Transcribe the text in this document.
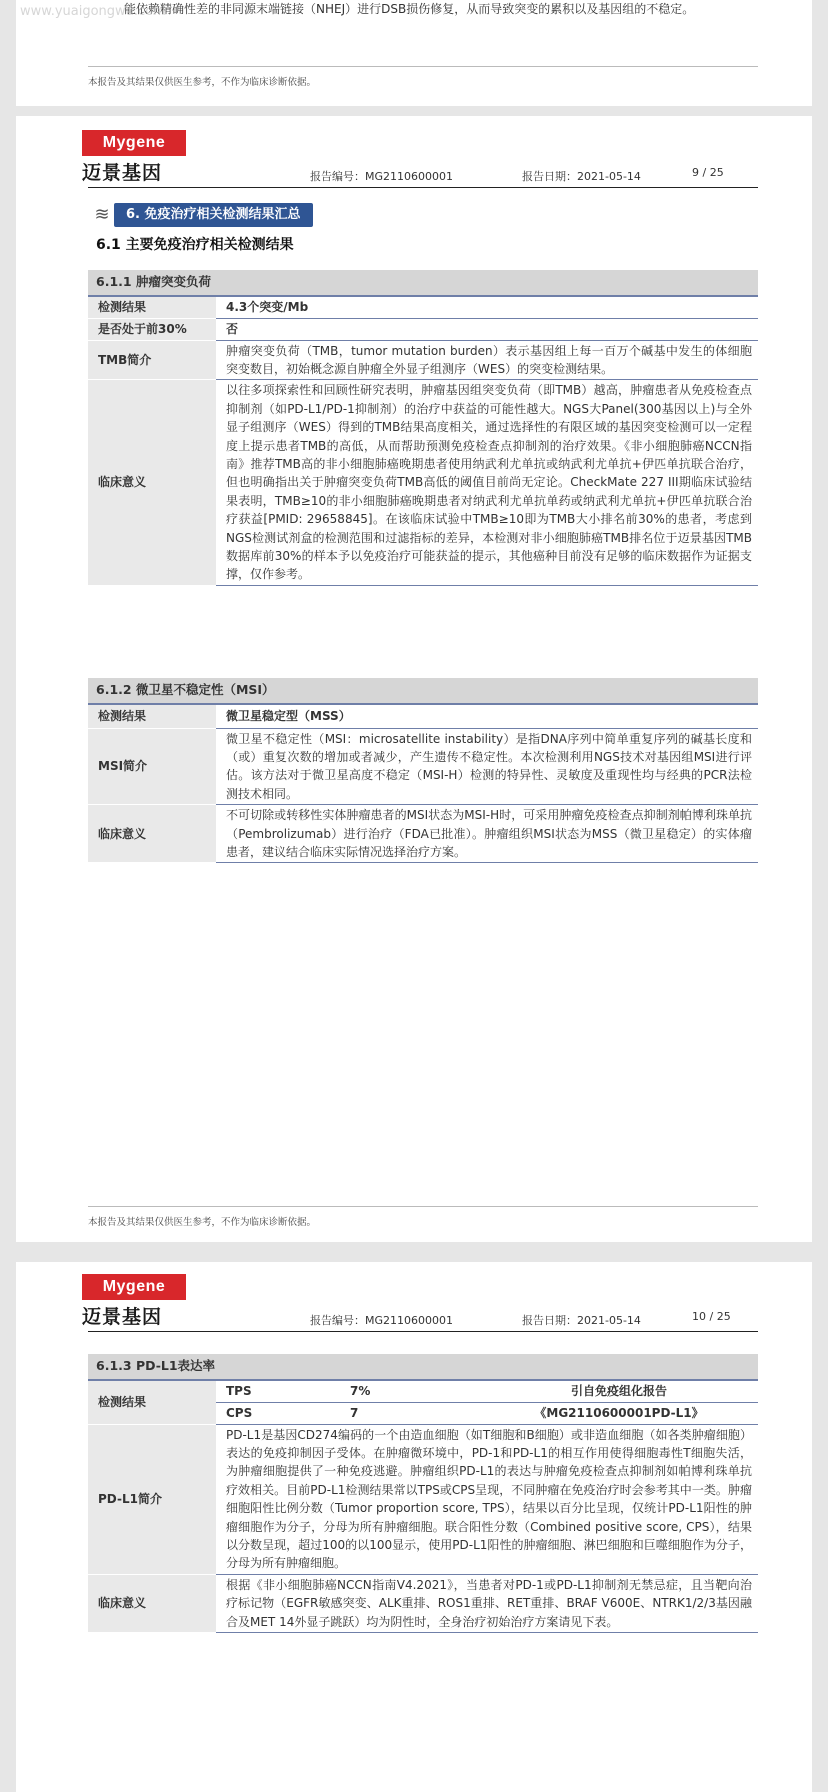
www.yuaigongwu.com
能依赖精确性差的非同源末端链接（NHEJ）进行DSB损伤修复，从而导致突变的累积以及基因组的不稳定。
本报告及其结果仅供医生参考，不作为临床诊断依据。
Mygene
迈景基因	报告编号：MG2110600001	报告日期：2021-05-14	9 / 25
≋	6. 免疫治疗相关检测结果汇总
6.1 主要免疫治疗相关检测结果
6.1.1 肿瘤突变负荷	
检测结果	4.3个突变/Mb
是否处于前30%	否
TMB简介	肿瘤突变负荷（TMB，tumor mutation burden）表示基因组上每一百万个碱基中发生的体细胞突变数目，初始概念源自肿瘤全外显子组测序（WES）的突变检测结果。
临床意义	以往多项探索性和回顾性研究表明，肿瘤基因组突变负荷（即TMB）越高，肿瘤患者从免疫检查点抑制剂（如PD-L1/PD-1抑制剂）的治疗中获益的可能性越大。NGS大Panel(300基因以上)与全外显子组测序（WES）得到的TMB结果高度相关，通过选择性的有限区域的基因突变检测可以一定程度上提示患者TMB的高低，从而帮助预测免疫检查点抑制剂的治疗效果。《非小细胞肺癌NCCN指南》推荐TMB高的非小细胞肺癌晚期患者使用纳武利尤单抗或纳武利尤单抗+伊匹单抗联合治疗，但也明确指出关于肿瘤突变负荷TMB高低的阈值目前尚无定论。CheckMate 227 III期临床试验结果表明，TMB≥10的非小细胞肺癌晚期患者对纳武利尤单抗单药或纳武利尤单抗+伊匹单抗联合治疗获益[PMID: 29658845]。在该临床试验中TMB≥10即为TMB大小排名前30%的患者，考虑到NGS检测试剂盒的检测范围和过滤指标的差异，本检测对非小细胞肺癌TMB排名位于迈景基因TMB数据库前30%的样本予以免疫治疗可能获益的提示，其他癌种目前没有足够的临床数据作为证据支撑，仅作参考。
6.1.2 微卫星不稳定性（MSI）	
检测结果	微卫星稳定型（MSS）
MSI简介	微卫星不稳定性（MSI：microsatellite instability）是指DNA序列中简单重复序列的碱基长度和（或）重复次数的增加或者减少，产生遗传不稳定性。本次检测利用NGS技术对基因组MSI进行评估。该方法对于微卫星高度不稳定（MSI-H）检测的特异性、灵敏度及重现性均与经典的PCR法检测技术相同。
临床意义	不可切除或转移性实体肿瘤患者的MSI状态为MSI-H时，可采用肿瘤免疫检查点抑制剂帕博利珠单抗（Pembrolizumab）进行治疗（FDA已批准）。肿瘤组织MSI状态为MSS（微卫星稳定）的实体瘤患者，建议结合临床实际情况选择治疗方案。
本报告及其结果仅供医生参考，不作为临床诊断依据。
Mygene
迈景基因	报告编号：MG2110600001	报告日期：2021-05-14	10 / 25
6.1.3 PD-L1表达率			
检测结果	TPS	7%	引自免疫组化报告
	CPS	7	《MG2110600001PD-L1》
PD-L1简介	PD-L1是基因CD274编码的一个由造血细胞（如T细胞和B细胞）或非造血细胞（如各类肿瘤细胞）表达的免疫抑制因子受体。在肿瘤微环境中，PD-1和PD-L1的相互作用使得细胞毒性T细胞失活，为肿瘤细胞提供了一种免疫逃避。肿瘤组织PD-L1的表达与肿瘤免疫检查点抑制剂如帕博利珠单抗疗效相关。目前PD-L1检测结果常以TPS或CPS呈现，不同肿瘤在免疫治疗时会参考其中一类。肿瘤细胞阳性比例分数（Tumor proportion score, TPS），结果以百分比呈现，仅统计PD-L1阳性的肿瘤细胞作为分子，分母为所有肿瘤细胞。联合阳性分数（Combined positive score, CPS），结果以分数呈现，超过100的以100显示，使用PD-L1阳性的肿瘤细胞、淋巴细胞和巨噬细胞作为分子，分母为所有肿瘤细胞。		
临床意义	根据《非小细胞肺癌NCCN指南V4.2021》，当患者对PD-1或PD-L1抑制剂无禁忌症，且当靶向治疗标记物（EGFR敏感突变、ALK重排、ROS1重排、RET重排、BRAF V600E、NTRK1/2/3基因融合及MET 14外显子跳跃）均为阴性时，全身治疗初始治疗方案请见下表。		
